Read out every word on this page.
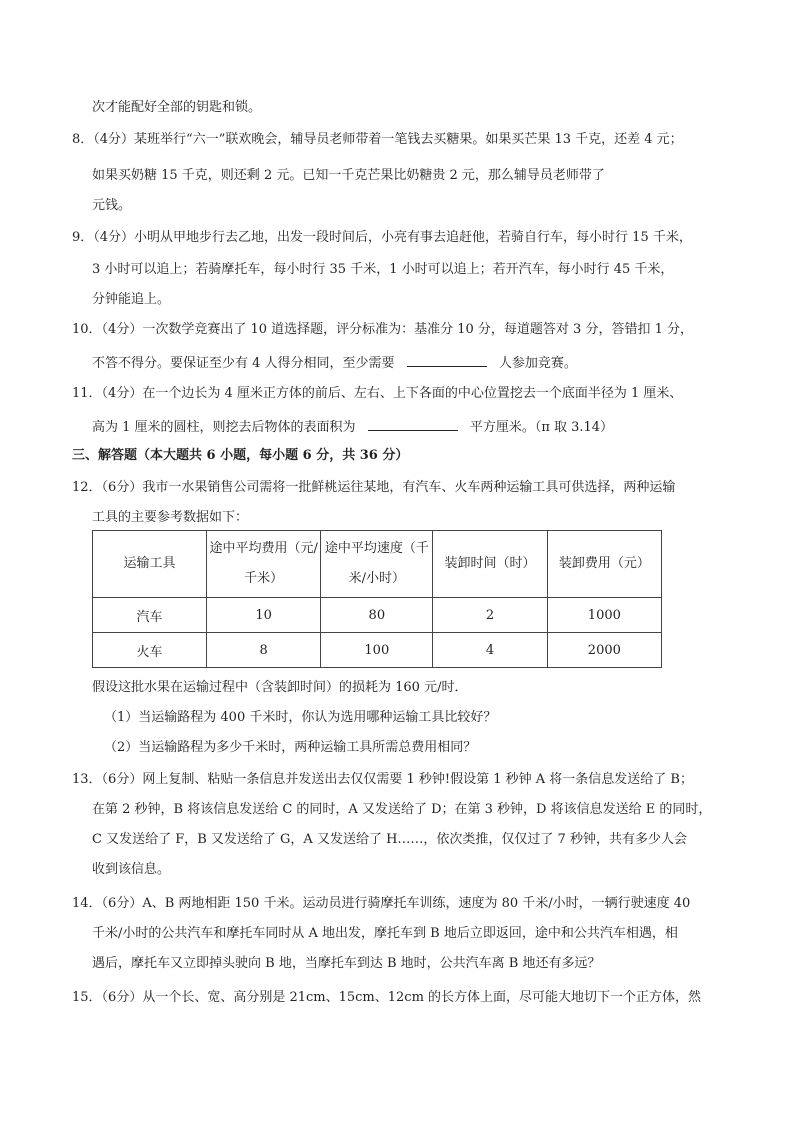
次才能配好全部的钥匙和锁。
8．（4分）某班举行“六一”联欢晚会，辅导员老师带着一笔钱去买糖果。如果买芒果 13 千克，还差 4 元；
如果买奶糖 15 千克，则还剩 2 元。已知一千克芒果比奶糖贵 2 元，那么辅导员老师带了
元钱。
9．（4分）小明从甲地步行去乙地，出发一段时间后，小亮有事去追赶他，若骑自行车，每小时行 15 千米，
3 小时可以追上；若骑摩托车，每小时行 35 千米，1 小时可以追上；若开汽车，每小时行 45 千米，
分钟能追上。
10．（4分）一次数学竞赛出了 10 道选择题，评分标准为：基准分 10 分，每道题答对 3 分，答错扣 1 分，
不答不得分。要保证至少有 4 人得分相同，至少需要	人参加竞赛。
11．（4分）在一个边长为 4 厘米正方体的前后、左右、上下各面的中心位置挖去一个底面半径为 1 厘米、
高为 1 厘米的圆柱，则挖去后物体的表面积为	平方厘米。（π 取 3.14）
三、解答题（本大题共 6 小题，每小题 6 分，共 36 分）
12．（6分）我市一水果销售公司需将一批鲜桃运往某地，有汽车、火车两种运输工具可供选择，两种运输
工具的主要参考数据如下：
运输工具	途中平均费用（元/千米）	途中平均速度（千米/小时）	装卸时间（时）	装卸费用（元）
汽车	10	80	2	1000
火车	8	100	4	2000
假设这批水果在运输过程中（含装卸时间）的损耗为 160 元/时．
（1）当运输路程为 400 千米时，你认为选用哪种运输工具比较好？
（2）当运输路程为多少千米时，两种运输工具所需总费用相同？
13．（6分）网上复制、粘贴一条信息并发送出去仅仅需要 1 秒钟!假设第 1 秒钟 A 将一条信息发送给了 B；
在第 2 秒钟，B 将该信息发送给 C 的同时，A 又发送给了 D；在第 3 秒钟，D 将该信息发送给 E 的同时，
C 又发送给了 F，B 又发送给了 G，A 又发送给了 H……，依次类推，仅仅过了 7 秒钟，共有多少人会
收到该信息。
14．（6分）A、B 两地相距 150 千米。运动员进行骑摩托车训练，速度为 80 千米/小时，一辆行驶速度 40
千米/小时的公共汽车和摩托车同时从 A 地出发，摩托车到 B 地后立即返回，途中和公共汽车相遇，相
遇后，摩托车又立即掉头驶向 B 地，当摩托车到达 B 地时，公共汽车离 B 地还有多远？
15．（6分）从一个长、宽、高分别是 21cm、15cm、12cm 的长方体上面，尽可能大地切下一个正方体，然
